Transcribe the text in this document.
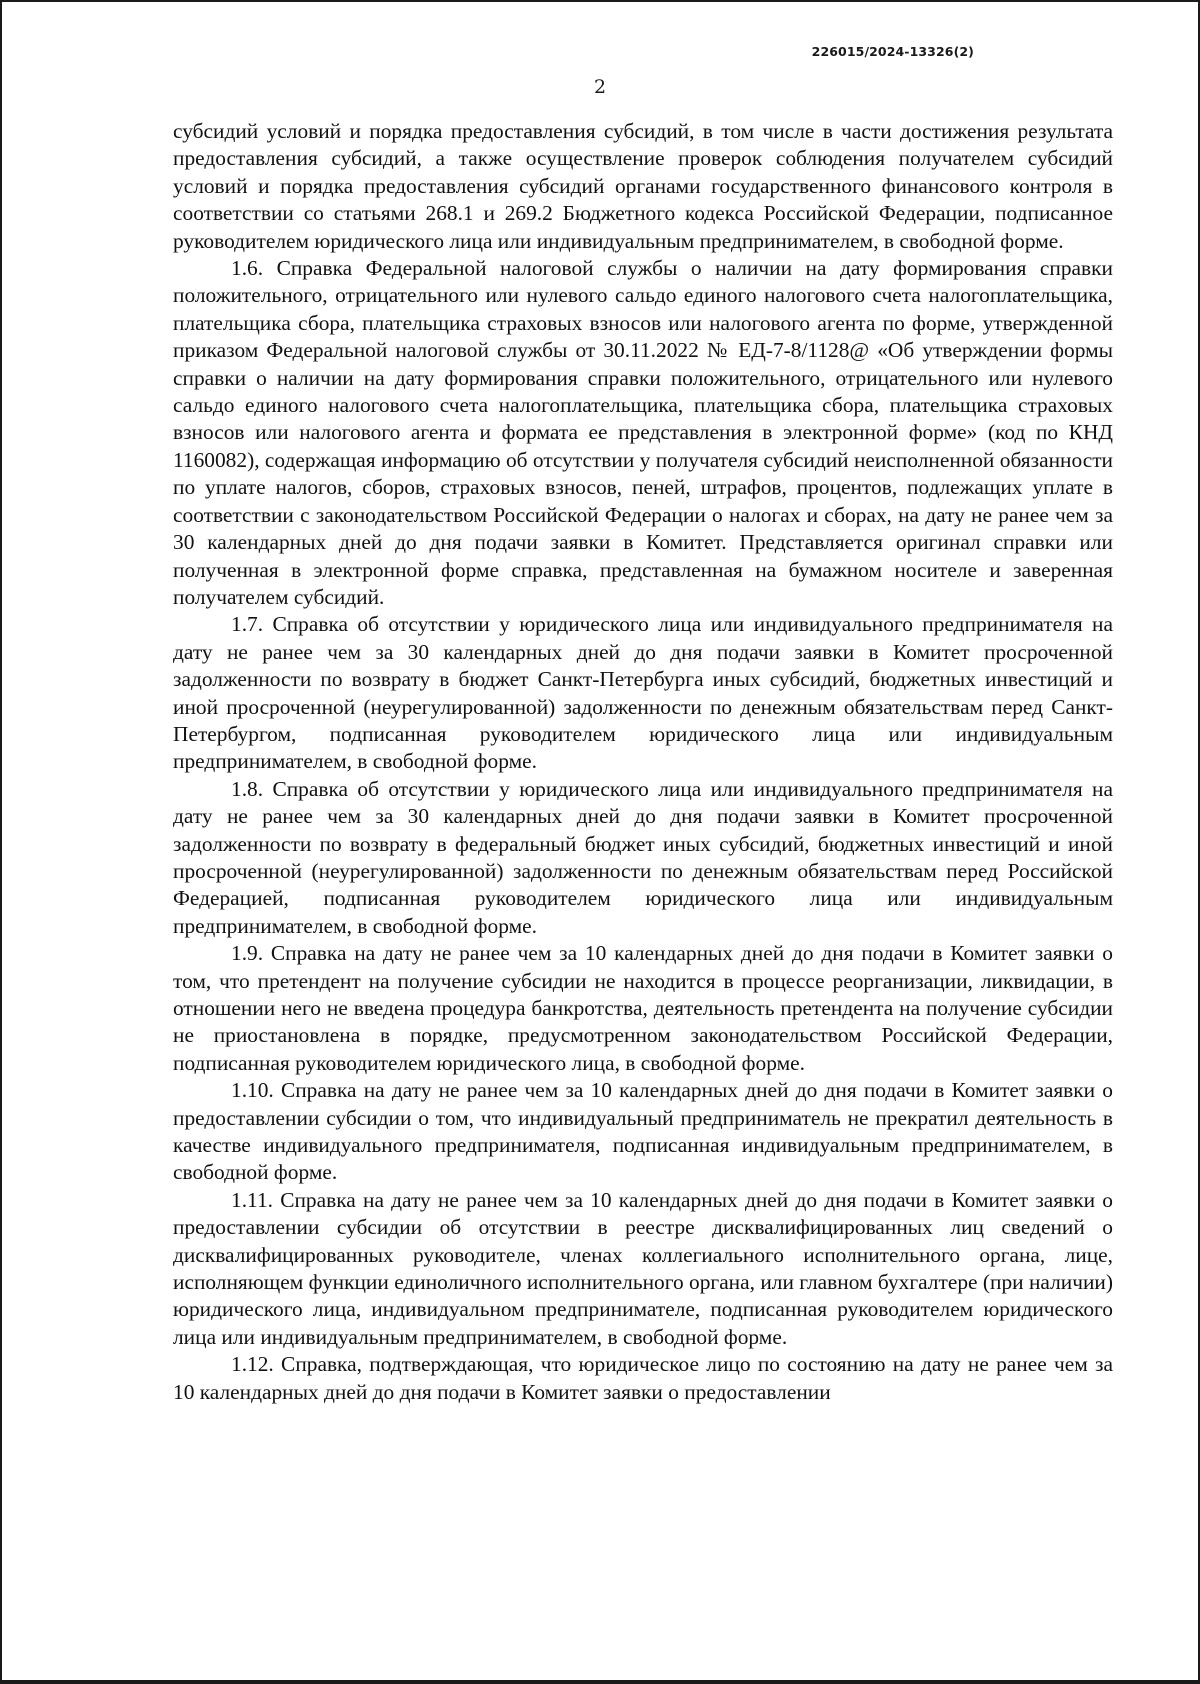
226015/2024-13326(2)
2

субсидий условий и порядка предоставления субсидий, в том числе в части достижения результата предоставления субсидий, а также осуществление проверок соблюдения получателем субсидий условий и порядка предоставления субсидий органами государственного финансового контроля в соответствии со статьями 268.1 и 269.2 Бюджетного кодекса Российской Федерации, подписанное руководителем юридического лица или индивидуальным предпринимателем, в свободной форме.

1.6. Справка Федеральной налоговой службы о наличии на дату формирования справки положительного, отрицательного или нулевого сальдо единого налогового счета налогоплательщика, плательщика сбора, плательщика страховых взносов или налогового агента по форме, утвержденной приказом Федеральной налоговой службы от 30.11.2022 № ЕД-7-8/1128@ «Об утверждении формы справки о наличии на дату формирования справки положительного, отрицательного или нулевого сальдо единого налогового счета налогоплательщика, плательщика сбора, плательщика страховых взносов или налогового агента и формата ее представления в электронной форме» (код по КНД 1160082), содержащая информацию об отсутствии у получателя субсидий неисполненной обязанности по уплате налогов, сборов, страховых взносов, пеней, штрафов, процентов, подлежащих уплате в соответствии с законодательством Российской Федерации о налогах и сборах, на дату не ранее чем за 30 календарных дней до дня подачи заявки в Комитет. Представляется оригинал справки или полученная в электронной форме справка, представленная на бумажном носителе и заверенная получателем субсидий.

1.7. Справка об отсутствии у юридического лица или индивидуального предпринимателя на дату не ранее чем за 30 календарных дней до дня подачи заявки в Комитет просроченной задолженности по возврату в бюджет Санкт-Петербурга иных субсидий, бюджетных инвестиций и иной просроченной (неурегулированной) задолженности по денежным обязательствам перед Санкт-Петербургом, подписанная руководителем юридического лица или индивидуальным предпринимателем, в свободной форме.

1.8. Справка об отсутствии у юридического лица или индивидуального предпринимателя на дату не ранее чем за 30 календарных дней до дня подачи заявки в Комитет просроченной задолженности по возврату в федеральный бюджет иных субсидий, бюджетных инвестиций и иной просроченной (неурегулированной) задолженности по денежным обязательствам перед Российской Федерацией, подписанная руководителем юридического лица или индивидуальным предпринимателем, в свободной форме.

1.9. Справка на дату не ранее чем за 10 календарных дней до дня подачи в Комитет заявки о том, что претендент на получение субсидии не находится в процессе реорганизации, ликвидации, в отношении него не введена процедура банкротства, деятельность претендента на получение субсидии не приостановлена в порядке, предусмотренном законодательством Российской Федерации, подписанная руководителем юридического лица, в свободной форме.

1.10. Справка на дату не ранее чем за 10 календарных дней до дня подачи в Комитет заявки о предоставлении субсидии о том, что индивидуальный предприниматель не прекратил деятельность в качестве индивидуального предпринимателя, подписанная индивидуальным предпринимателем, в свободной форме.

1.11. Справка на дату не ранее чем за 10 календарных дней до дня подачи в Комитет заявки о предоставлении субсидии об отсутствии в реестре дисквалифицированных лиц сведений о дисквалифицированных руководителе, членах коллегиального исполнительного органа, лице, исполняющем функции единоличного исполнительного органа, или главном бухгалтере (при наличии) юридического лица, индивидуальном предпринимателе, подписанная руководителем юридического лица или индивидуальным предпринимателем, в свободной форме.

1.12. Справка, подтверждающая, что юридическое лицо по состоянию на дату не ранее чем за 10 календарных дней до дня подачи в Комитет заявки о предоставлении
